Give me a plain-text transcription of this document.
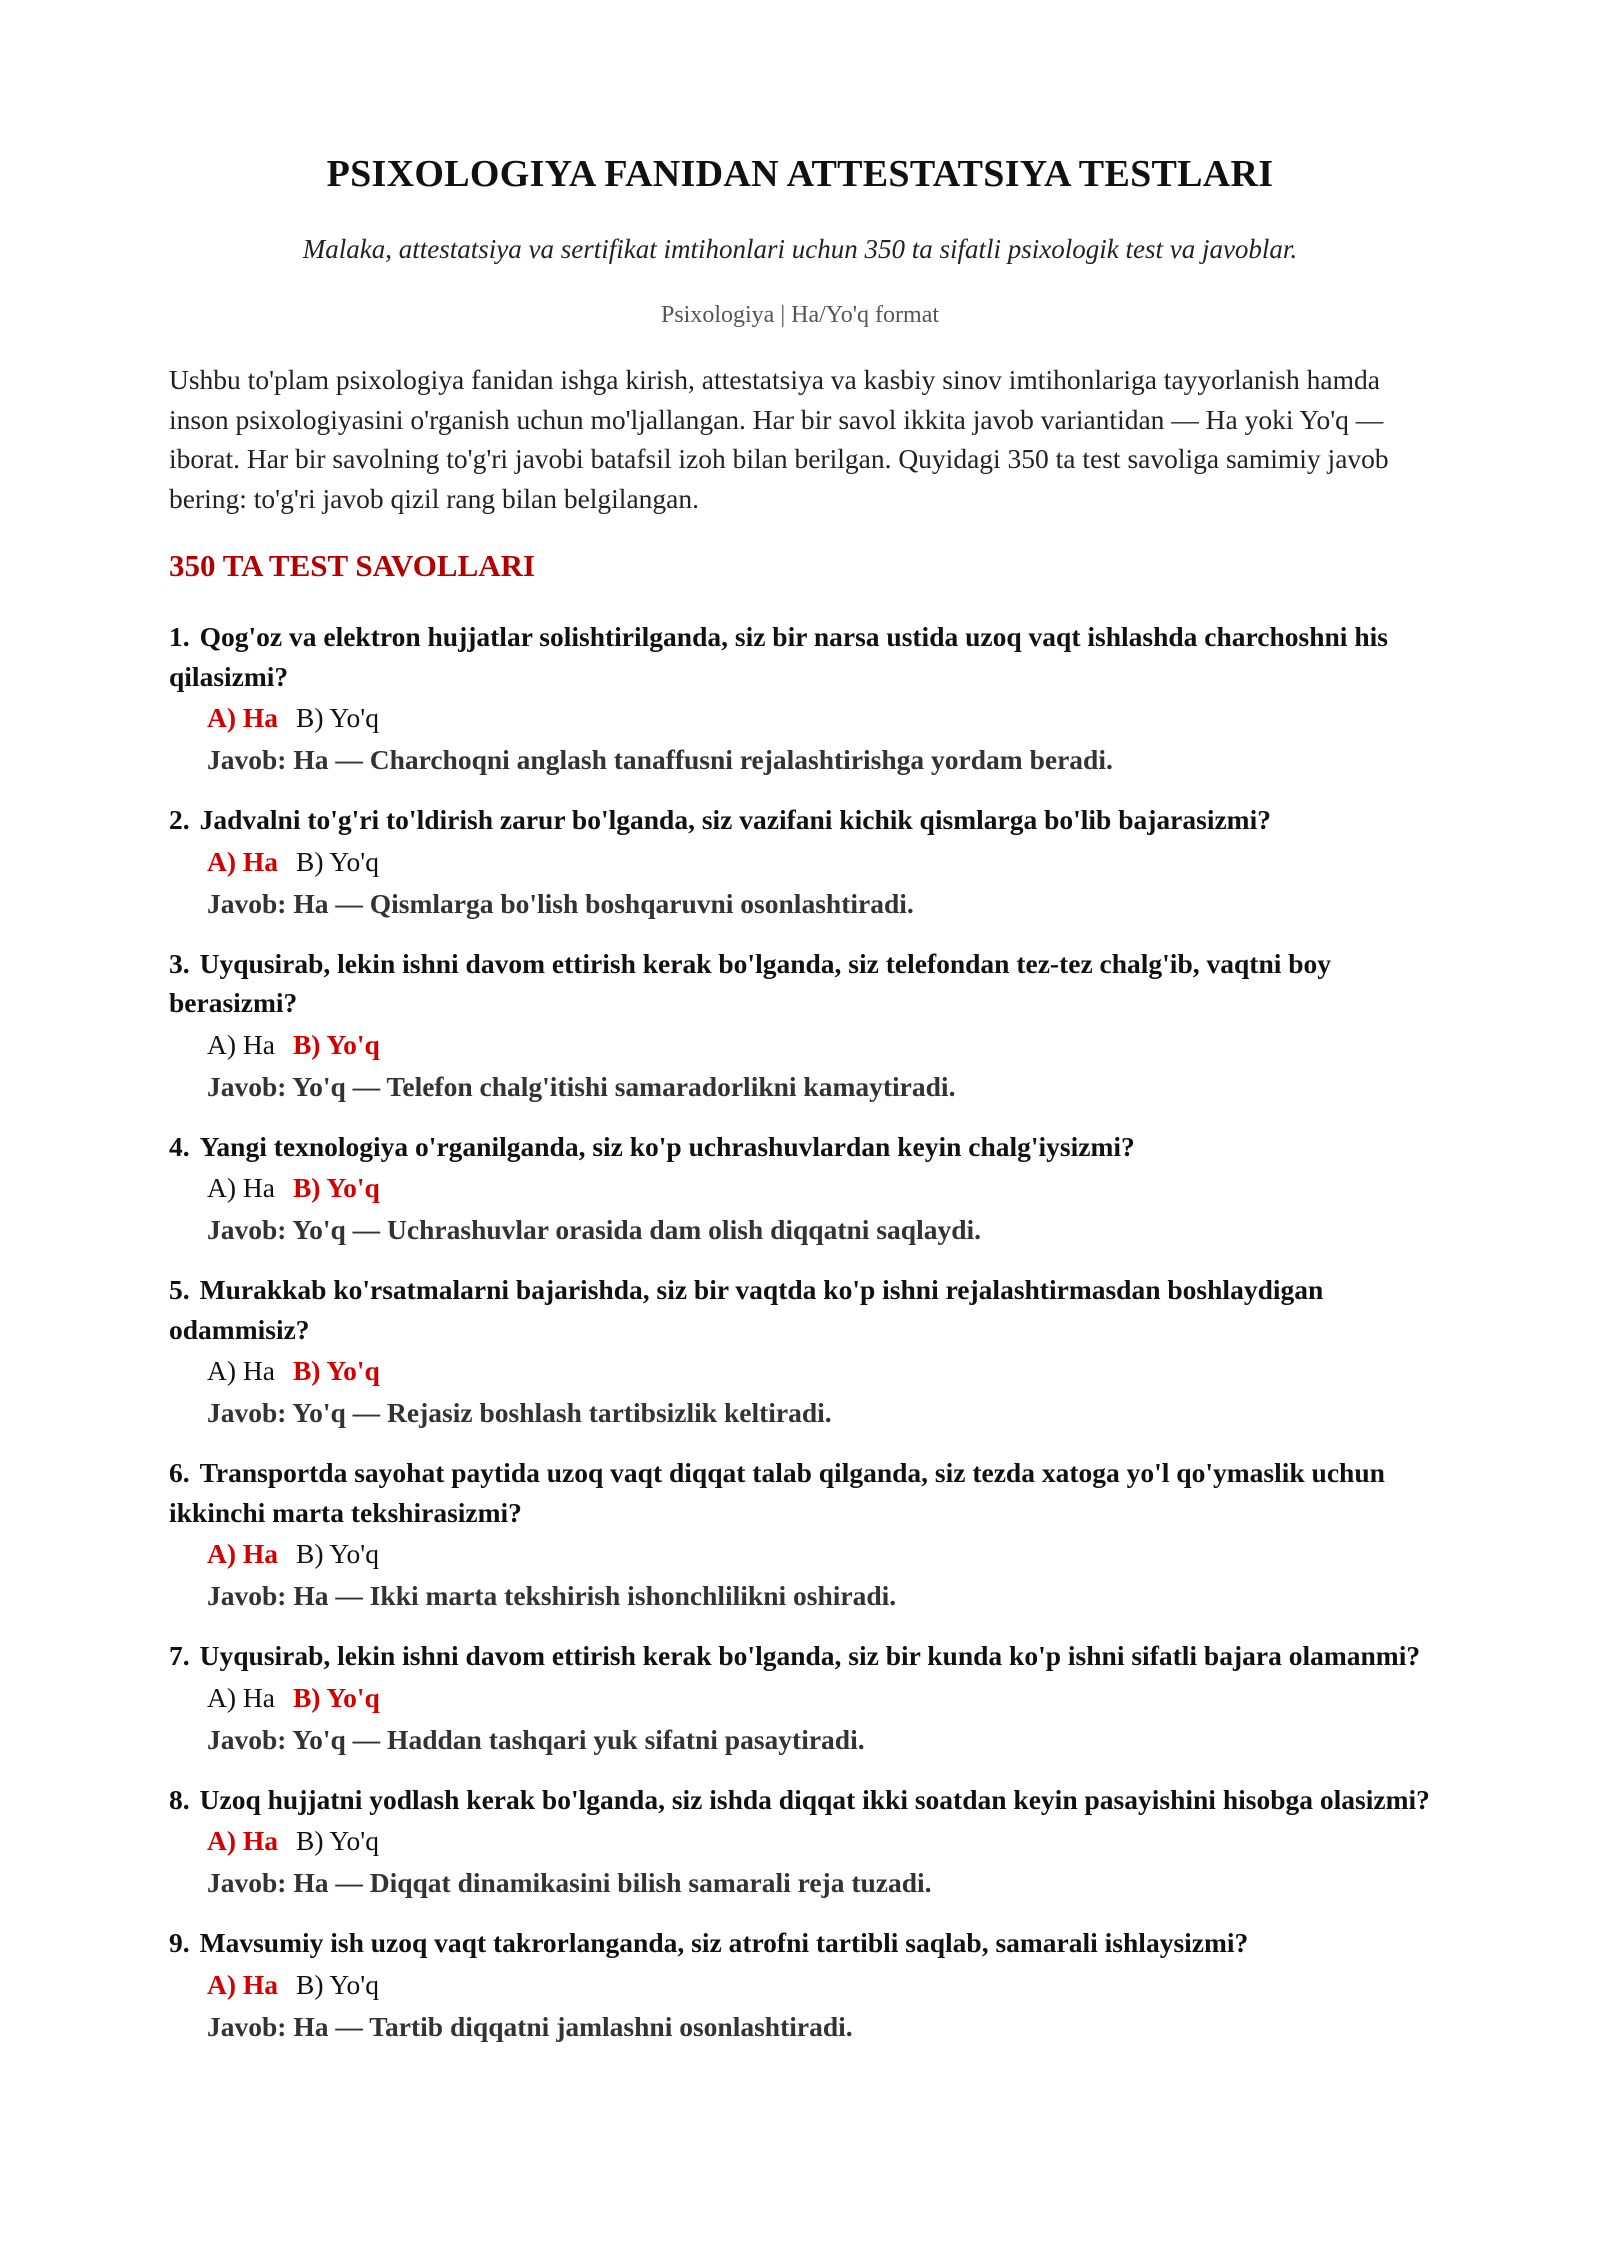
PSIXOLOGIYA FANIDAN ATTESTATSIYA TESTLARI
Malaka, attestatsiya va sertifikat imtihonlari uchun 350 ta sifatli psixologik test va javoblar.
Psixologiya | Ha/Yo'q format
Ushbu to'plam psixologiya fanidan ishga kirish, attestatsiya va kasbiy sinov imtihonlariga tayyorlanish hamda inson psixologiyasini o'rganish uchun mo'ljallangan. Har bir savol ikkita javob variantidan — Ha yoki Yo'q — iborat. Har bir savolning to'g'ri javobi batafsil izoh bilan berilgan. Quyidagi 350 ta test savoliga samimiy javob bering: to'g'ri javob qizil rang bilan belgilangan.
350 TA TEST SAVOLLARI
1. Qog'oz va elektron hujjatlar solishtirilganda, siz bir narsa ustida uzoq vaqt ishlashda charchoshni his qilasizmi?
A) Ha B) Yo'q
Javob: Ha — Charchoqni anglash tanaffusni rejalashtirishga yordam beradi.
2. Jadvalni to'g'ri to'ldirish zarur bo'lganda, siz vazifani kichik qismlarga bo'lib bajarasizmi?
A) Ha B) Yo'q
Javob: Ha — Qismlarga bo'lish boshqaruvni osonlashtiradi.
3. Uyqusirab, lekin ishni davom ettirish kerak bo'lganda, siz telefondan tez-tez chalg'ib, vaqtni boy berasizmi?
A) Ha B) Yo'q
Javob: Yo'q — Telefon chalg'itishi samaradorlikni kamaytiradi.
4. Yangi texnologiya o'rganilganda, siz ko'p uchrashuvlardan keyin chalg'iysizmi?
A) Ha B) Yo'q
Javob: Yo'q — Uchrashuvlar orasida dam olish diqqatni saqlaydi.
5. Murakkab ko'rsatmalarni bajarishda, siz bir vaqtda ko'p ishni rejalashtirmasdan boshlaydigan odammisiz?
A) Ha B) Yo'q
Javob: Yo'q — Rejasiz boshlash tartibsizlik keltiradi.
6. Transportda sayohat paytida uzoq vaqt diqqat talab qilganda, siz tezda xatoga yo'l qo'ymaslik uchun ikkinchi marta tekshirasizmi?
A) Ha B) Yo'q
Javob: Ha — Ikki marta tekshirish ishonchlilikni oshiradi.
7. Uyqusirab, lekin ishni davom ettirish kerak bo'lganda, siz bir kunda ko'p ishni sifatli bajara olamanmi?
A) Ha B) Yo'q
Javob: Yo'q — Haddan tashqari yuk sifatni pasaytiradi.
8. Uzoq hujjatni yodlash kerak bo'lganda, siz ishda diqqat ikki soatdan keyin pasayishini hisobga olasizmi?
A) Ha B) Yo'q
Javob: Ha — Diqqat dinamikasini bilish samarali reja tuzadi.
9. Mavsumiy ish uzoq vaqt takrorlanganda, siz atrofni tartibli saqlab, samarali ishlaysizmi?
A) Ha B) Yo'q
Javob: Ha — Tartib diqqatni jamlashni osonlashtiradi.
